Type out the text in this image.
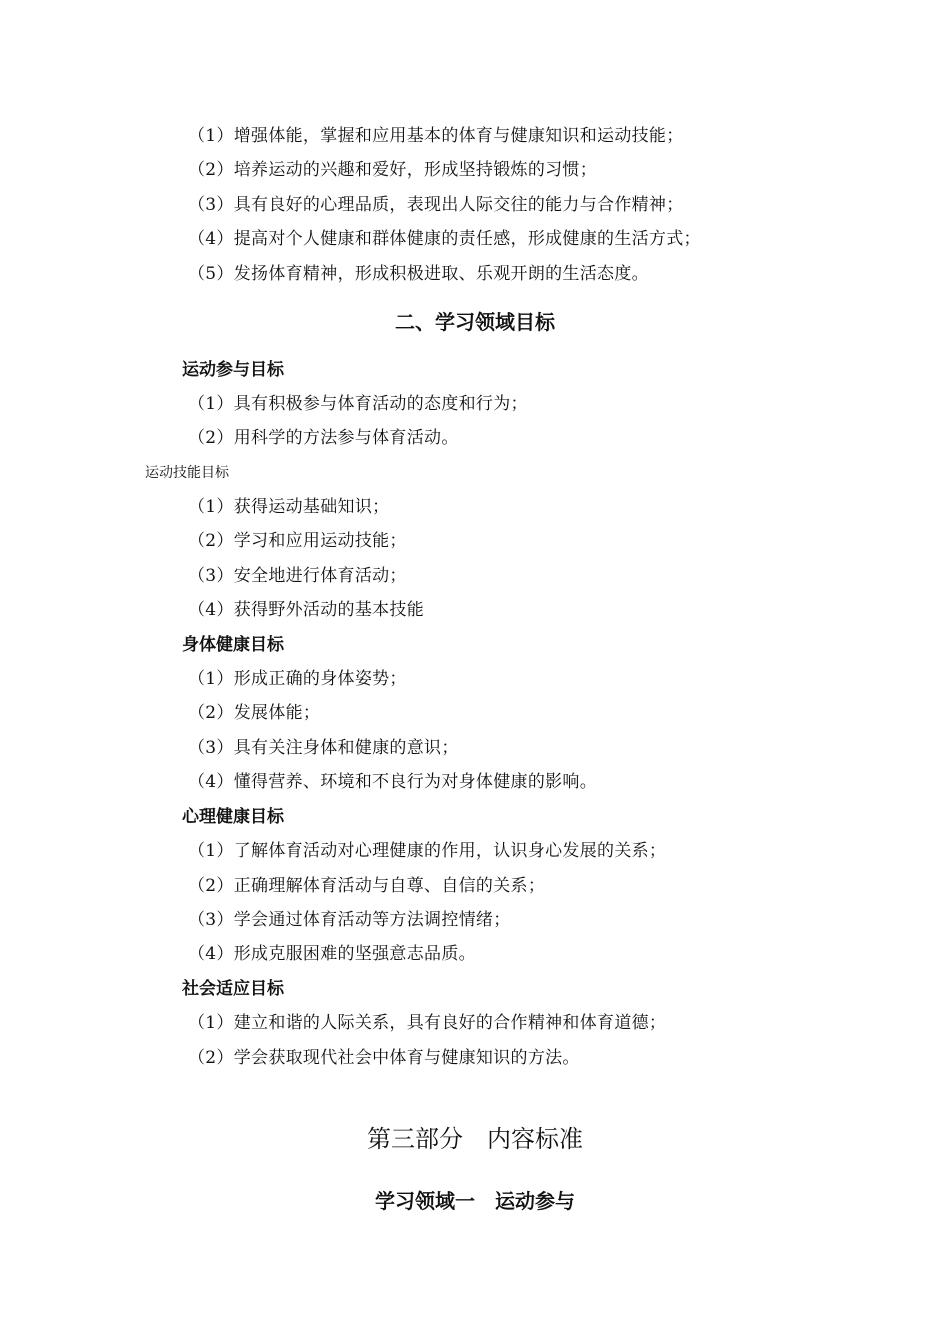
（1）增强体能，掌握和应用基本的体育与健康知识和运动技能；
（2）培养运动的兴趣和爱好，形成坚持锻炼的习惯；
（3）具有良好的心理品质，表现出人际交往的能力与合作精神；
（4）提高对个人健康和群体健康的责任感，形成健康的生活方式；
（5）发扬体育精神，形成积极进取、乐观开朗的生活态度。
二、学习领域目标
运动参与目标
（1）具有积极参与体育活动的态度和行为；
（2）用科学的方法参与体育活动。
运动技能目标
（1）获得运动基础知识；
（2）学习和应用运动技能；
（3）安全地进行体育活动；
（4）获得野外活动的基本技能
身体健康目标
（1）形成正确的身体姿势；
（2）发展体能；
（3）具有关注身体和健康的意识；
（4）懂得营养、环境和不良行为对身体健康的影响。
心理健康目标
（1）了解体育活动对心理健康的作用，认识身心发展的关系；
（2）正确理解体育活动与自尊、自信的关系；
（3）学会通过体育活动等方法调控情绪；
（4）形成克服困难的坚强意志品质。
社会适应目标
（1）建立和谐的人际关系，具有良好的合作精神和体育道德；
（2）学会获取现代社会中体育与健康知识的方法。
第三部分　内容标准
学习领域一　运动参与
